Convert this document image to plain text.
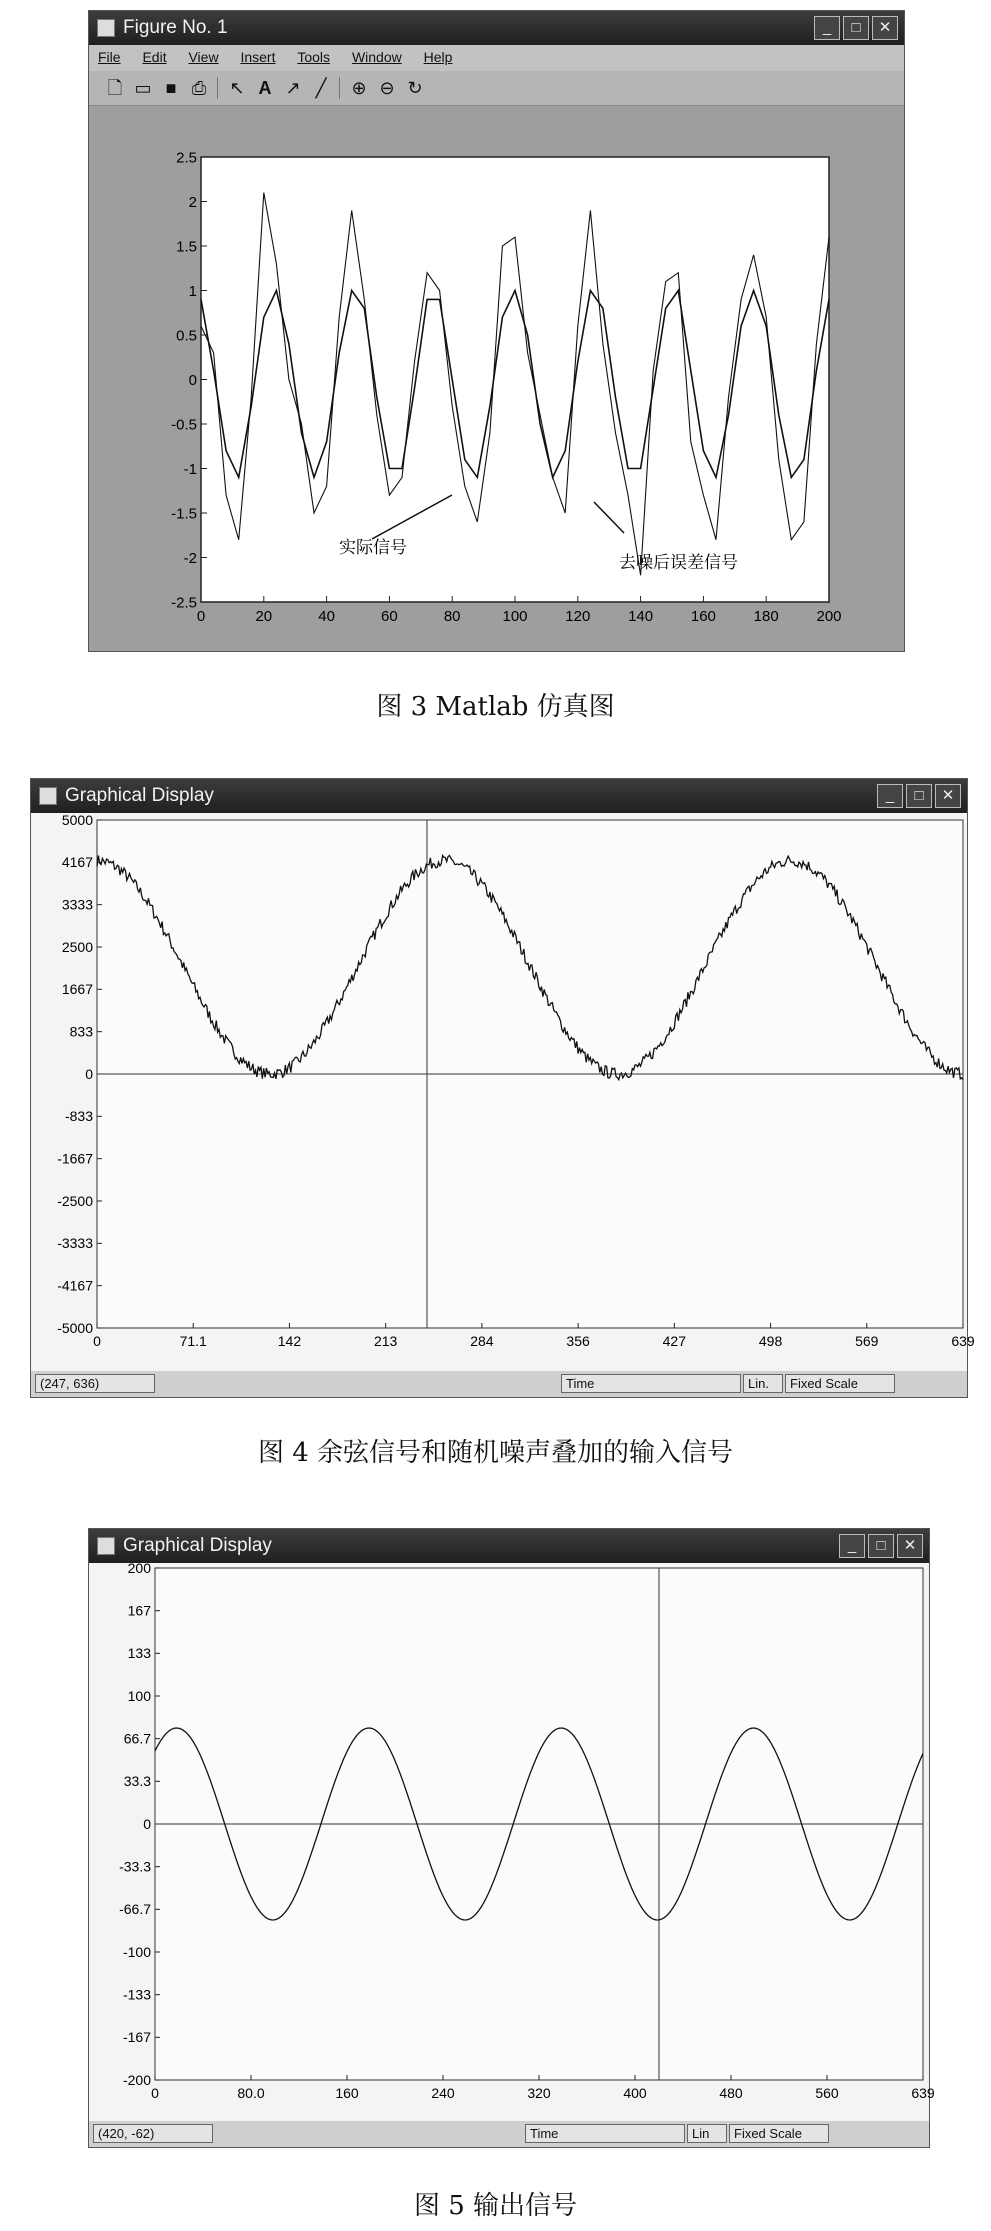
Figure No. 1	_	□	✕
File Edit View Insert Tools Window Help
🗋 ▭ ■ ⎙ ↖ A ↗ ╱	⊕ ⊖ ↻
2.5
2
1.5
1
0.5
0
-0.5
-1
-1.5
-2
-2.5
0	20	40	60	80	100	120	140	160	180	200
实际信号
去噪后误差信号
图 3 Matlab 仿真图
Graphical Display	_	□	✕
5000
4167
3333
2500
1667
833
0
-833
-1667
-2500
-3333
-4167
-5000
0	71.1	142	213	284	356	427	498	569	639
(247, 636)	Time	Lin.	Fixed Scale
图 4 余弦信号和随机噪声叠加的输入信号
Graphical Display	_	□	✕
200
167
133
100
66.7
33.3
0
-33.3
-66.7
-100
-133
-167
-200
0	80.0	160	240	320	400	480	560	639
(420, -62)	Time	Lin	Fixed Scale
图 5 输出信号
